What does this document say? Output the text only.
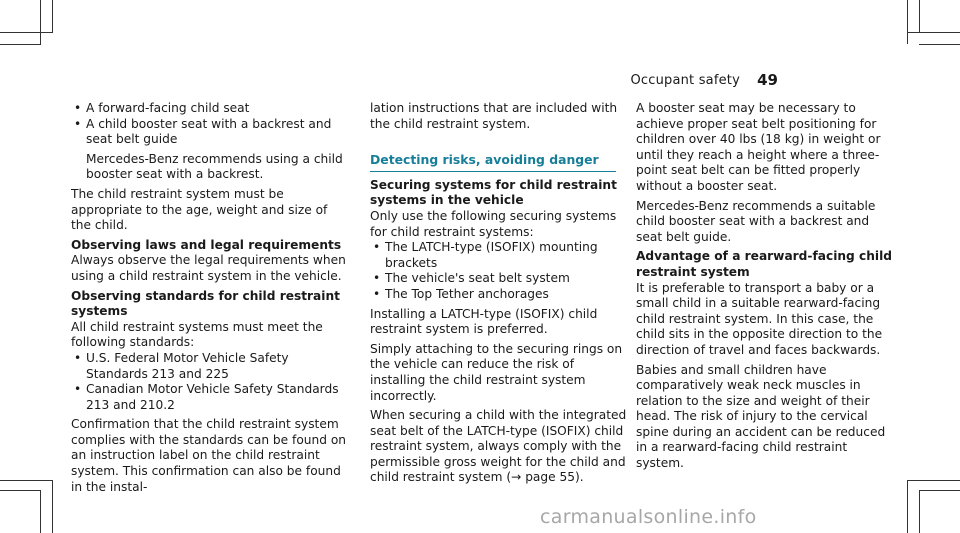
Occupant safety 49

• A forward-facing child seat

• A child booster seat with a backrest and seat belt guide

Mercedes-Benz recommends using a child booster seat with a backrest.

The child restraint system must be appropriate to the age, weight and size of the child.

Observing laws and legal requirements

Always observe the legal requirements when using a child restraint system in the vehicle.

Observing standards for child restraint systems

All child restraint systems must meet the following standards:

• U.S. Federal Motor Vehicle Safety Standards 213 and 225

• Canadian Motor Vehicle Safety Standards 213 and 210.2

Confirmation that the child restraint system complies with the standards can be found on an instruction label on the child restraint system. This confirmation can also be found in the instal-

lation instructions that are included with the child restraint system.

Detecting risks, avoiding danger

Securing systems for child restraint systems in the vehicle

Only use the following securing systems for child restraint systems:

• The LATCH-type (ISOFIX) mounting brackets

• The vehicle's seat belt system

• The Top Tether anchorages

Installing a LATCH-type (ISOFIX) child restraint system is preferred.

Simply attaching to the securing rings on the vehicle can reduce the risk of installing the child restraint system incorrectly.

When securing a child with the integrated seat belt of the LATCH-type (ISOFIX) child restraint system, always comply with the permissible gross weight for the child and child restraint system (→ page 55).

A booster seat may be necessary to achieve proper seat belt positioning for children over 40 lbs (18 kg) in weight or until they reach a height where a three-point seat belt can be fitted properly without a booster seat.

Mercedes-Benz recommends a suitable child booster seat with a backrest and seat belt guide.

Advantage of a rearward-facing child restraint system

It is preferable to transport a baby or a small child in a suitable rearward-facing child restraint system. In this case, the child sits in the opposite direction to the direction of travel and faces backwards.

Babies and small children have comparatively weak neck muscles in relation to the size and weight of their head. The risk of injury to the cervical spine during an accident can be reduced in a rearward-facing child restraint system.

carmanualsonline.info
